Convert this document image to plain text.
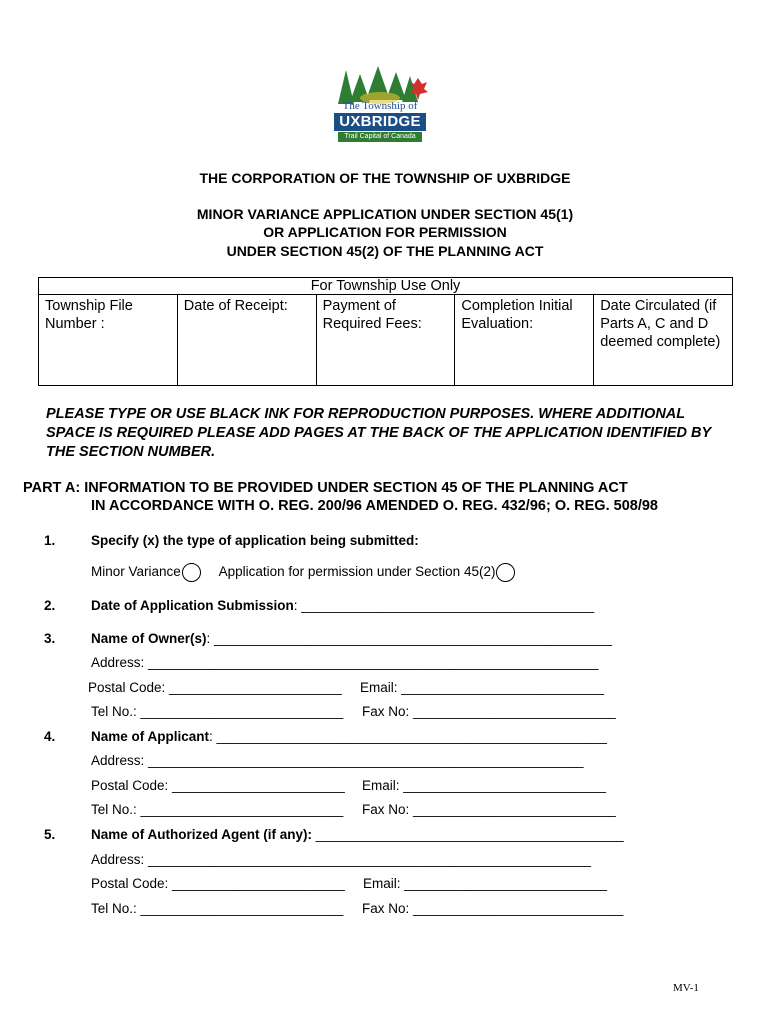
The Township of
UXBRIDGE
Trail Capital of Canada
THE CORPORATION OF THE TOWNSHIP OF UXBRIDGE
MINOR VARIANCE APPLICATION UNDER SECTION 45(1)
OR APPLICATION FOR PERMISSION
UNDER SECTION 45(2) OF THE PLANNING ACT
For Township Use Only
Township File Number :	Date of Receipt:	Payment of Required Fees:	Completion Initial Evaluation:	Date Circulated (if Parts A, C and D deemed complete)
PLEASE TYPE OR USE BLACK INK FOR REPRODUCTION PURPOSES. WHERE ADDITIONAL SPACE IS REQUIRED PLEASE ADD PAGES AT THE BACK OF THE APPLICATION IDENTIFIED BY THE SECTION NUMBER.
PART A: INFORMATION TO BE PROVIDED UNDER SECTION 45 OF THE PLANNING ACT
IN ACCORDANCE WITH O. REG. 200/96 AMENDED O. REG. 432/96; O. REG. 508/98
1.	Specify (x) the type of application being submitted:
Minor Variance	Application for permission under Section 45(2)
2.	Date of Application Submission: _______________________________________
3.	Name of Owner(s): _____________________________________________________
Address: ____________________________________________________________
Postal Code: _______________________ Email: ___________________________
Tel No.: ___________________________ Fax No: ___________________________
4.	Name of Applicant: ____________________________________________________
Address: __________________________________________________________
Postal Code: _______________________ Email: ___________________________
Tel No.: ___________________________ Fax No: ___________________________
5.	Name of Authorized Agent (if any): _________________________________________
Address: ___________________________________________________________
Postal Code: _______________________ Email: ___________________________
Tel No.: ___________________________ Fax No: ____________________________
MV-1
